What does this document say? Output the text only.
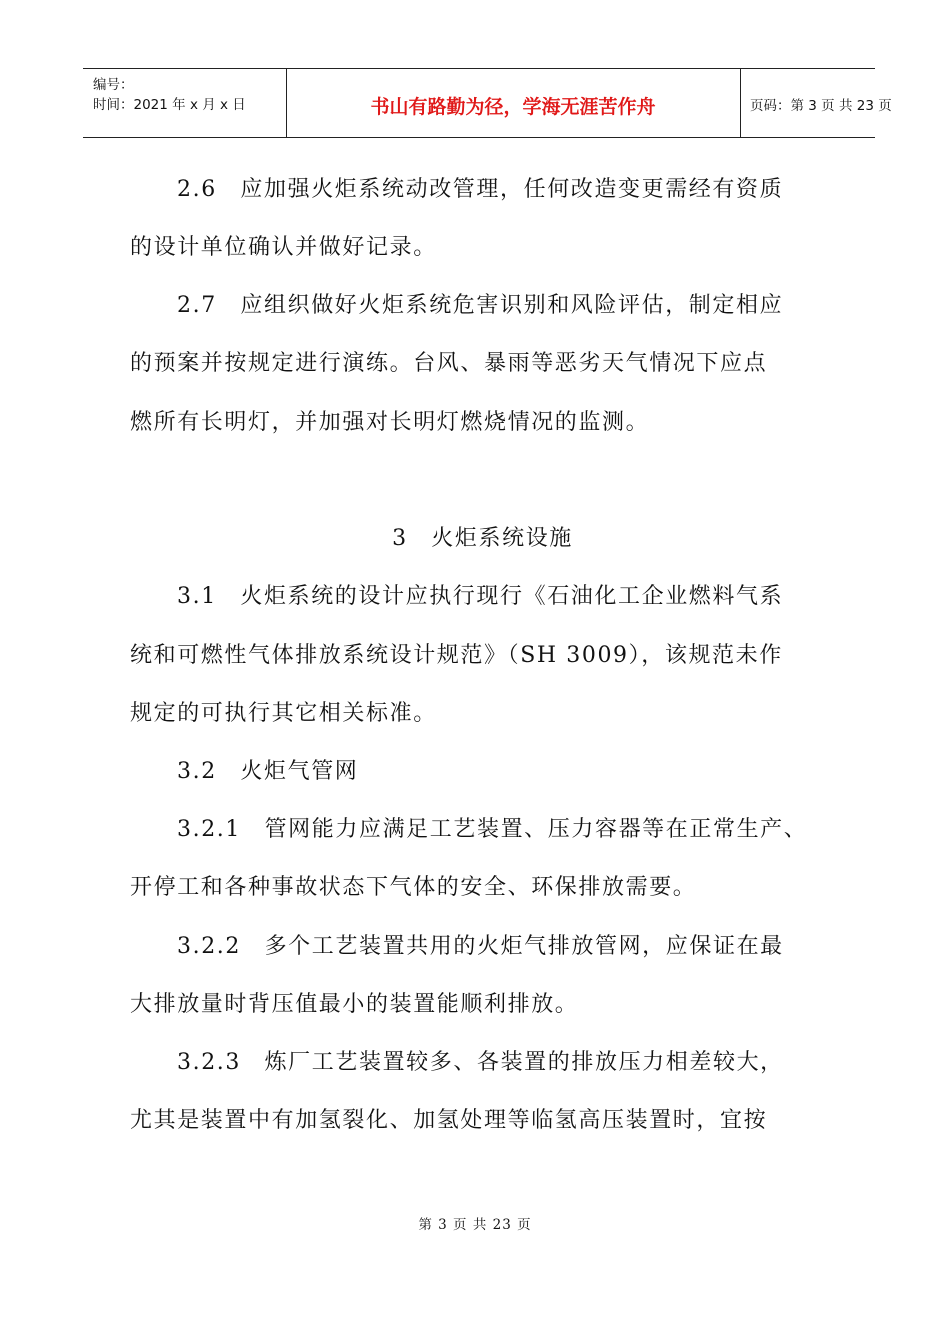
编号：
时间：2021 年 x 月 x 日	书山有路勤为径，学海无涯苦作舟	页码：第 3 页 共 23 页
2.6　应加强火炬系统动改管理，任何改造变更需经有资质
的设计单位确认并做好记录。
2.7　应组织做好火炬系统危害识别和风险评估，制定相应
的预案并按规定进行演练。台风、暴雨等恶劣天气情况下应点
燃所有长明灯，并加强对长明灯燃烧情况的监测。
3　火炬系统设施
3.1　火炬系统的设计应执行现行《石油化工企业燃料气系
统和可燃性气体排放系统设计规范》（SH 3009），该规范未作
规定的可执行其它相关标准。
3.2　火炬气管网
3.2.1　管网能力应满足工艺装置、压力容器等在正常生产、
开停工和各种事故状态下气体的安全、环保排放需要。
3.2.2　多个工艺装置共用的火炬气排放管网，应保证在最
大排放量时背压值最小的装置能顺利排放。
3.2.3　炼厂工艺装置较多、各装置的排放压力相差较大，
尤其是装置中有加氢裂化、加氢处理等临氢高压装置时，宜按
第 3 页 共 23 页
